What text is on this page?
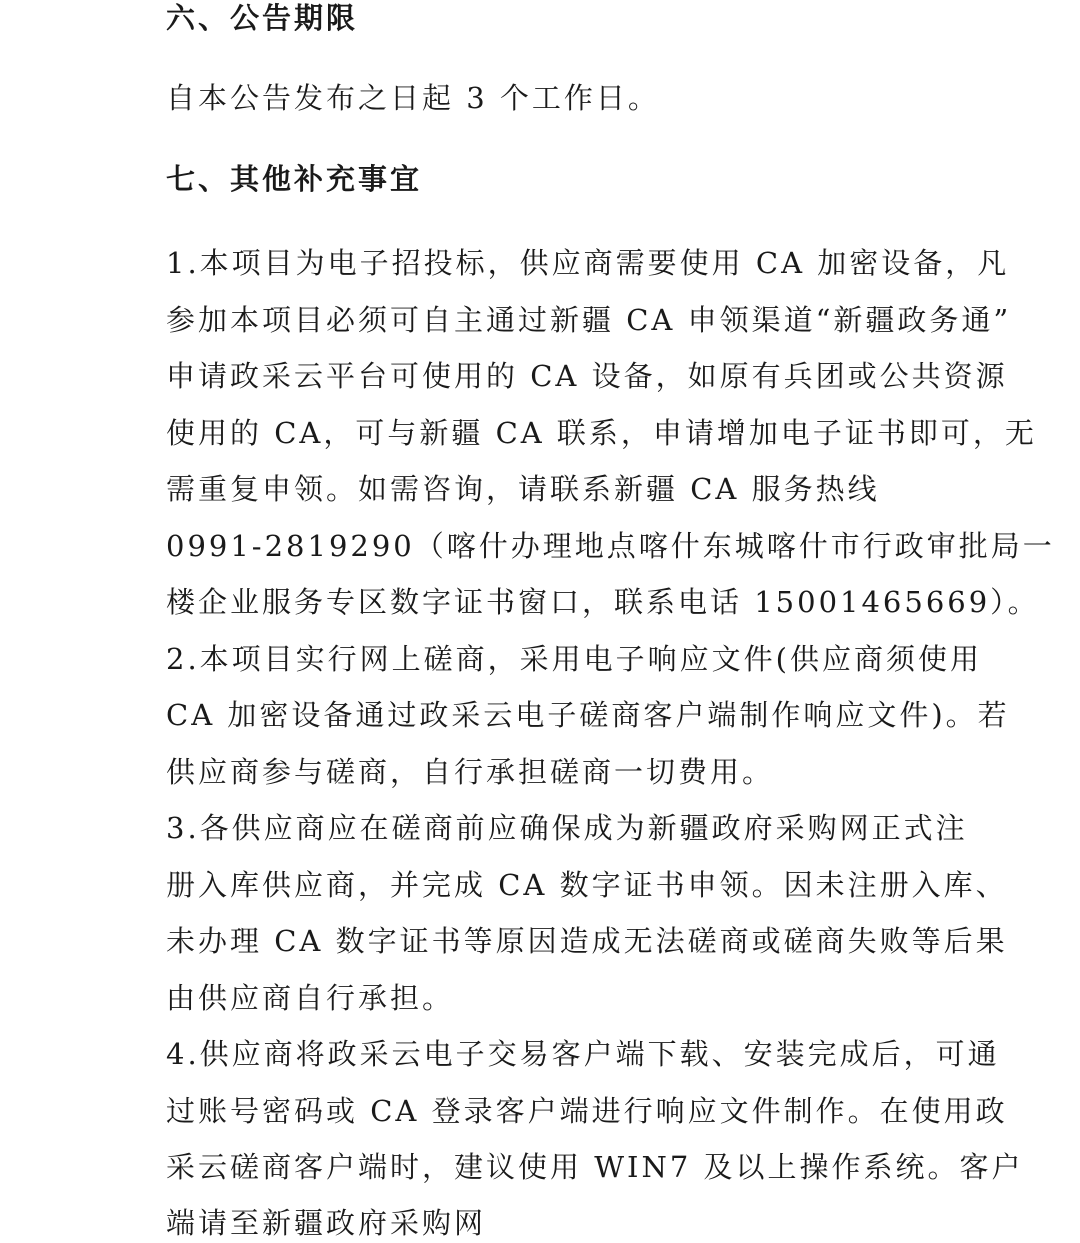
六、公告期限
自本公告发布之日起 3 个工作日。
七、其他补充事宜
1.本项目为电子招投标，供应商需要使用 CA 加密设备，凡
参加本项目必须可自主通过新疆 CA 申领渠道“新疆政务通”
申请政采云平台可使用的 CA 设备，如原有兵团或公共资源
使用的 CA，可与新疆 CA 联系，申请增加电子证书即可，无
需重复申领。如需咨询，请联系新疆 CA 服务热线
0991-2819290（喀什办理地点喀什东城喀什市行政审批局一
楼企业服务专区数字证书窗口，联系电话 15001465669）。
2.本项目实行网上磋商，采用电子响应文件(供应商须使用
CA 加密设备通过政采云电子磋商客户端制作响应文件)。若
供应商参与磋商，自行承担磋商一切费用。
3.各供应商应在磋商前应确保成为新疆政府采购网正式注
册入库供应商，并完成 CA 数字证书申领。因未注册入库、
未办理 CA 数字证书等原因造成无法磋商或磋商失败等后果
由供应商自行承担。
4.供应商将政采云电子交易客户端下载、安装完成后，可通
过账号密码或 CA 登录客户端进行响应文件制作。在使用政
采云磋商客户端时，建议使用 WIN7 及以上操作系统。客户
端请至新疆政府采购网
